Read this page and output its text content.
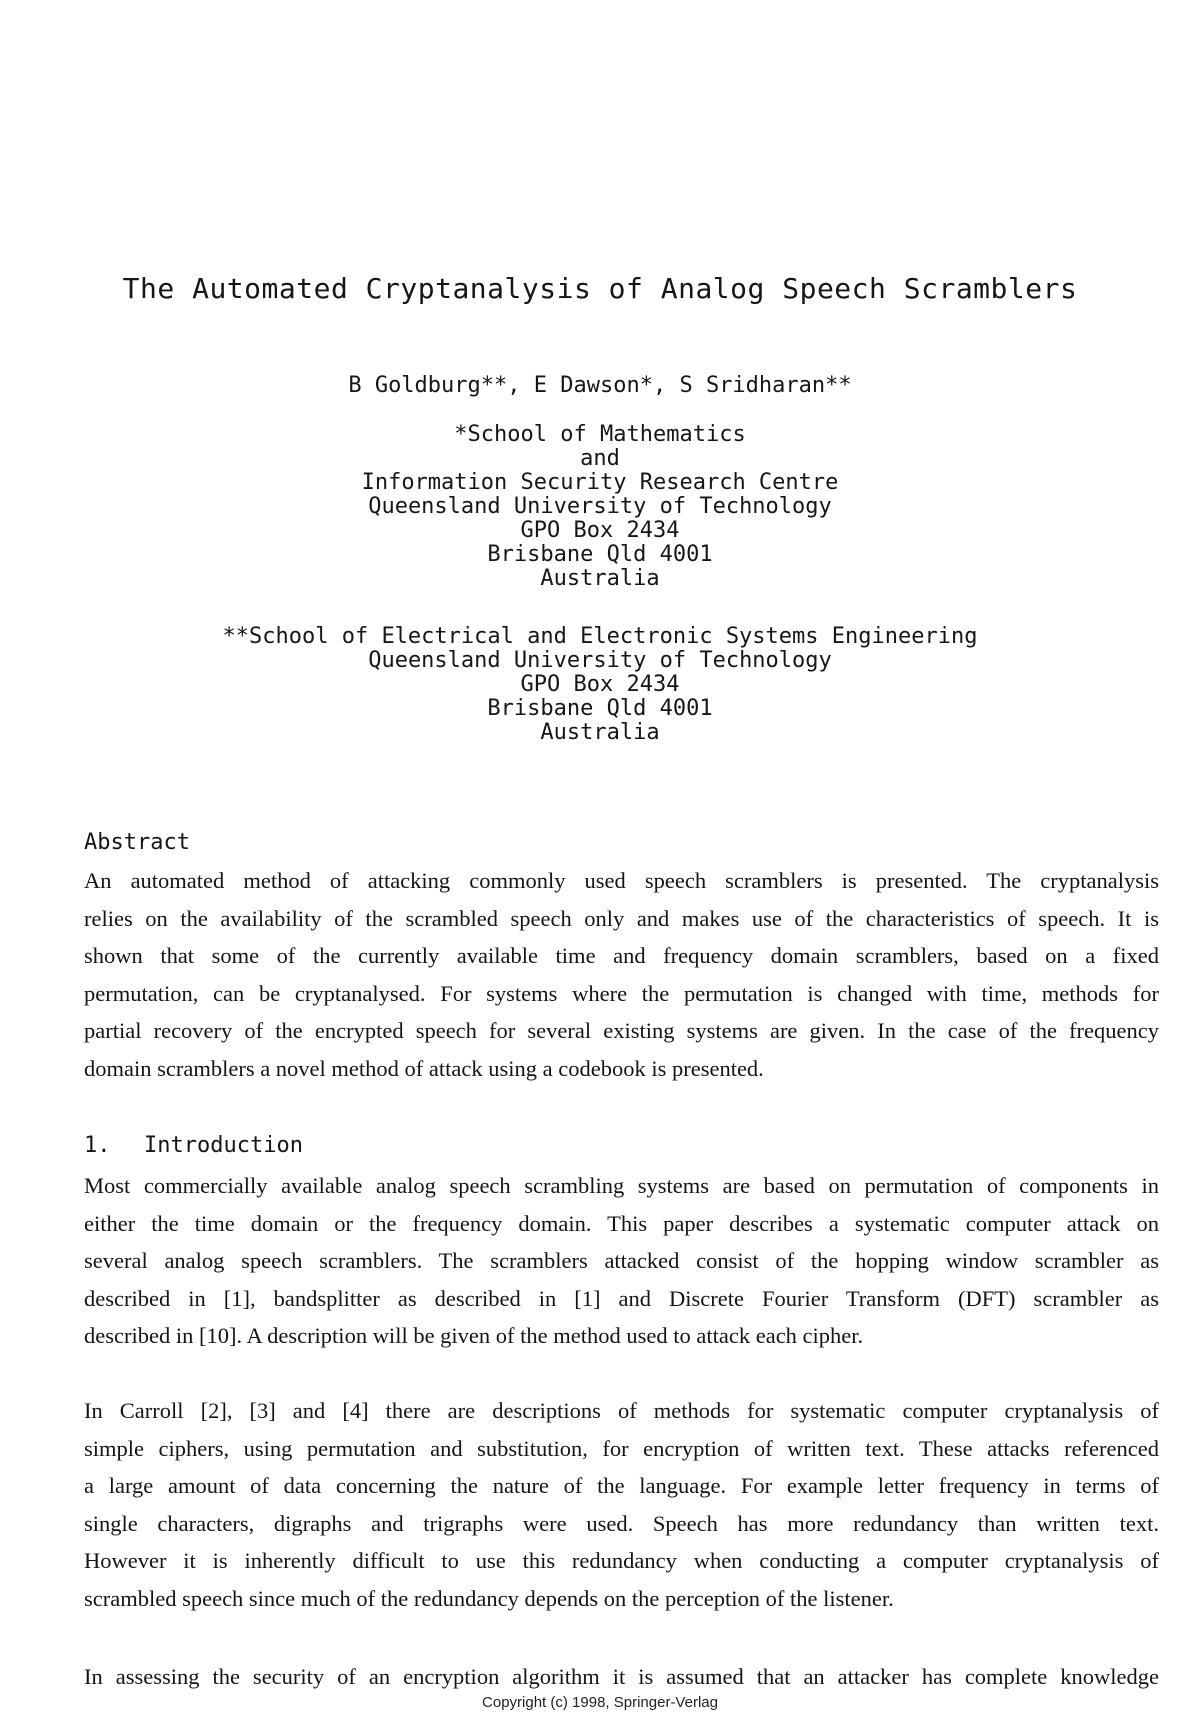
The Automated Cryptanalysis of Analog Speech Scramblers
B Goldburg**, E Dawson*, S Sridharan**
*School of Mathematics
and
Information Security Research Centre
Queensland University of Technology
GPO Box 2434
Brisbane Qld 4001
Australia
**School of Electrical and Electronic Systems Engineering
Queensland University of Technology
GPO Box 2434
Brisbane Qld 4001
Australia
Abstract

An automated method of attacking commonly used speech scramblers is presented. The cryptanalysis
relies on the availability of the scrambled speech only and makes use of the characteristics of speech. It is
shown that some of the currently available time and frequency domain scramblers, based on a fixed
permutation, can be cryptanalysed. For systems where the permutation is changed with time, methods for
partial recovery of the encrypted speech for several existing systems are given. In the case of the frequency
domain scramblers a novel method of attack using a codebook is presented.

1. Introduction

Most commercially available analog speech scrambling systems are based on permutation of components in
either the time domain or the frequency domain. This paper describes a systematic computer attack on
several analog speech scramblers. The scramblers attacked consist of the hopping window scrambler as
described in [1], bandsplitter as described in [1] and Discrete Fourier Transform (DFT) scrambler as
described in [10]. A description will be given of the method used to attack each cipher.

In Carroll [2], [3] and [4] there are descriptions of methods for systematic computer cryptanalysis of
simple ciphers, using permutation and substitution, for encryption of written text. These attacks referenced
a large amount of data concerning the nature of the language. For example letter frequency in terms of
single characters, digraphs and trigraphs were used. Speech has more redundancy than written text.
However it is inherently difficult to use this redundancy when conducting a computer cryptanalysis of
scrambled speech since much of the redundancy depends on the perception of the listener.

In assessing the security of an encryption algorithm it is assumed that an attacker has complete knowledge

Copyright (c) 1998, Springer-Verlag
